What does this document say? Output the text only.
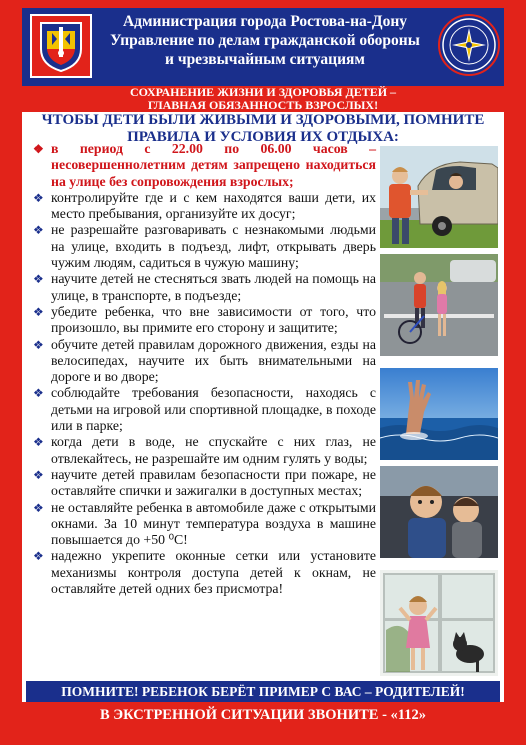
Администрация города Ростова-на-Дону
Управление по делам гражданской обороны
и чрезвычайным ситуациям
СОХРАНЕНИЕ ЖИЗНИ И ЗДОРОВЬЯ ДЕТЕЙ –
ГЛАВНАЯ ОБЯЗАННОСТЬ ВЗРОСЛЫХ!
ЧТОБЫ ДЕТИ БЫЛИ ЖИВЫМИ И ЗДОРОВЫМИ, ПОМНИТЕ
ПРАВИЛА И УСЛОВИЯ ИХ ОТДЫХА:
❖ в период с 22.00 по 06.00 часов – несовершеннолетним детям запрещено находиться на улице без сопровождения взрослых;
❖ контролируйте где и с кем находятся ваши дети, их место пребывания, организуйте их досуг;
❖ не разрешайте разговаривать с незнакомыми людьми на улице, входить в подъезд, лифт, открывать дверь чужим людям, садиться в чужую машину;
❖ научите детей не стесняться звать людей на помощь на улице, в транспорте, в подъезде;
❖ убедите ребенка, что вне зависимости от того, что произошло, вы примите его сторону и защитите;
❖ обучите детей правилам дорожного движения, езды на велосипедах, научите их быть внимательными на дороге и во дворе;
❖ соблюдайте требования безопасности, находясь с детьми на игровой или спортивной площадке, в походе или в парке;
❖ когда дети в воде, не спускайте с них глаз, не отвлекайтесь, не разрешайте им одним гулять у воды;
❖ научите детей правилам безопасности при пожаре, не оставляйте спички и зажигалки в доступных местах;
❖ не оставляйте ребенка в автомобиле даже с открытыми окнами. За 10 минут температура воздуха в машине повышается до +50 ⁰С!
❖ надежно укрепите оконные сетки или установите механизмы контроля доступа детей к окнам, не оставляйте детей одних без присмотра!
ПОМНИТЕ! РЕБЕНОК БЕРЁТ ПРИМЕР С ВАС – РОДИТЕЛЕЙ!
В ЭКСТРЕННОЙ СИТУАЦИИ ЗВОНИТЕ - «112»
